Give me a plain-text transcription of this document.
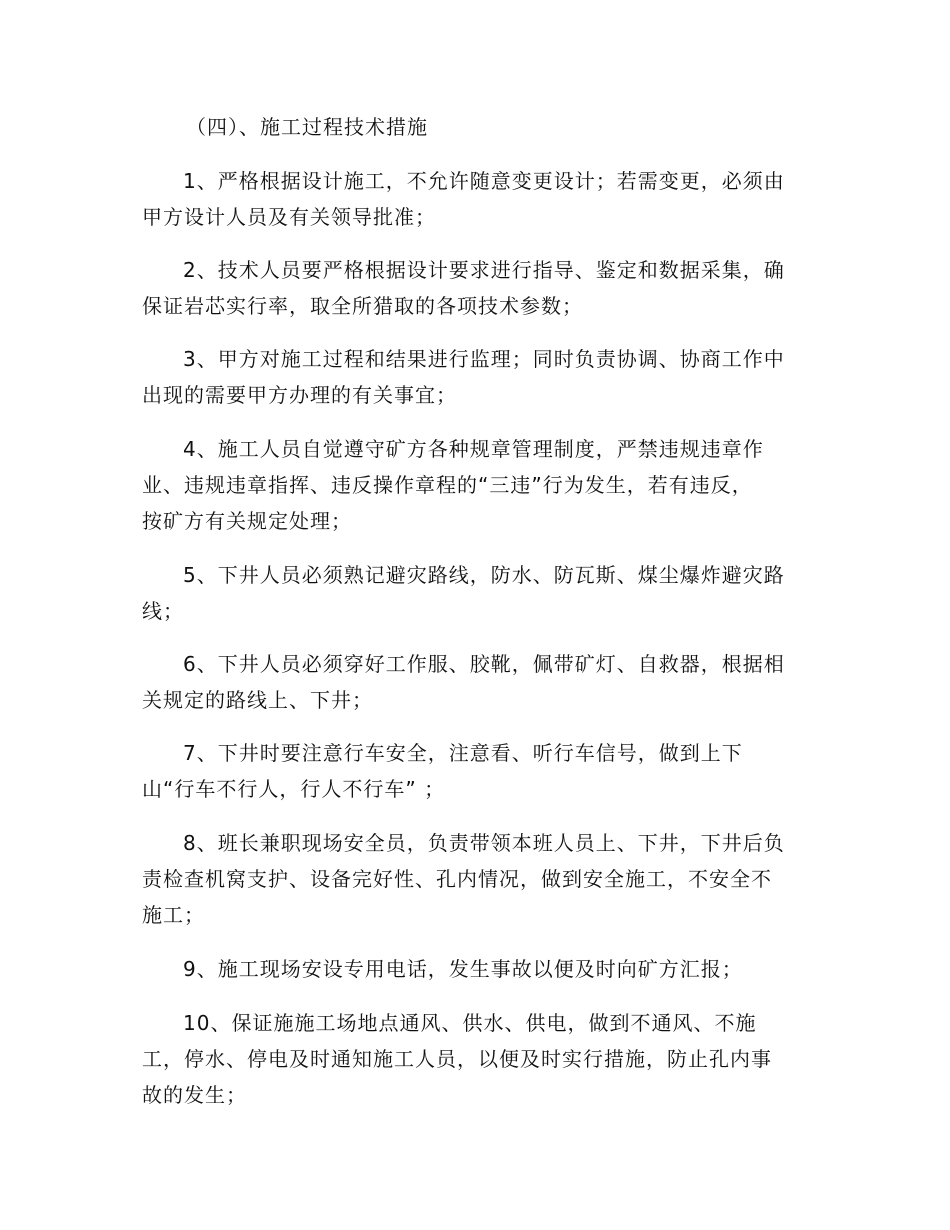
（四）、施工过程技术措施
1、严格根据设计施工，不允许随意变更设计；若需变更，必须由
甲方设计人员及有关领导批准；
2、技术人员要严格根据设计要求进行指导、鉴定和数据采集，确
保证岩芯实行率，取全所猎取的各项技术参数；
3、甲方对施工过程和结果进行监理；同时负责协调、协商工作中
出现的需要甲方办理的有关事宜；
4、施工人员自觉遵守矿方各种规章管理制度，严禁违规违章作
业、违规违章指挥、违反操作章程的“三违”行为发生，若有违反，
按矿方有关规定处理；
5、下井人员必须熟记避灾路线，防水、防瓦斯、煤尘爆炸避灾路
线；
6、下井人员必须穿好工作服、胶靴，佩带矿灯、自救器，根据相
关规定的路线上、下井；
7、下井时要注意行车安全，注意看、听行车信号，做到上下
山“行车不行人，行人不行车” ；
8、班长兼职现场安全员，负责带领本班人员上、下井，下井后负
责检查机窝支护、设备完好性、孔内情况，做到安全施工，不安全不
施工；
9、施工现场安设专用电话，发生事故以便及时向矿方汇报；
10、保证施施工场地点通风、供水、供电，做到不通风、不施
工，停水、停电及时通知施工人员，以便及时实行措施，防止孔内事
故的发生；
